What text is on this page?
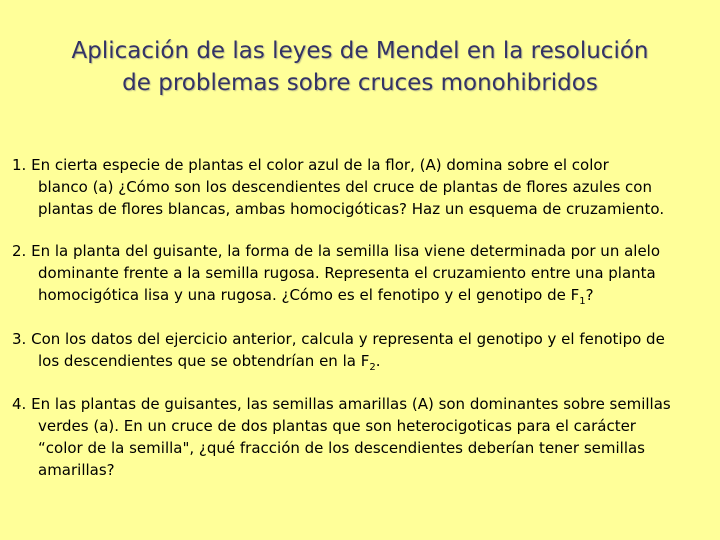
Aplicación de las leyes de Mendel en la resolución
de problemas sobre cruces monohibridos
1. En cierta especie de plantas el color azul de la flor, (A) domina sobre el color
blanco (a) ¿Cómo son los descendientes del cruce de plantas de flores azules con
plantas de flores blancas, ambas homocigóticas? Haz un esquema de cruzamiento.
2. En la planta del guisante, la forma de la semilla lisa viene determinada por un alelo
dominante frente a la semilla rugosa. Representa el cruzamiento entre una planta
homocigótica lisa y una rugosa. ¿Cómo es el fenotipo y el genotipo de $F_1$?
3. Con los datos del ejercicio anterior, calcula y representa el genotipo y el fenotipo de
los descendientes que se obtendrían en la $F_2$.
4. En las plantas de guisantes, las semillas amarillas (A) son dominantes sobre semillas
verdes (a). En un cruce de dos plantas que son heterocigoticas para el carácter
“color de la semilla", ¿qué fracción de los descendientes deberían tener semillas
amarillas?
